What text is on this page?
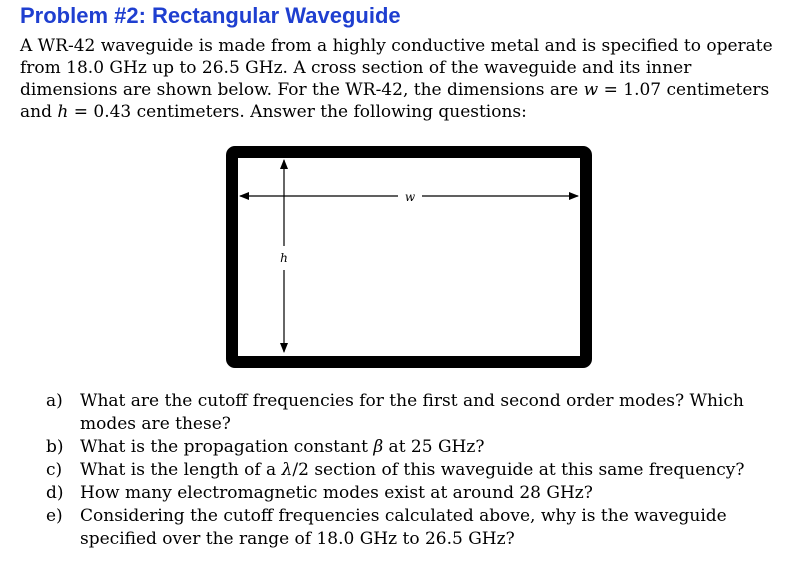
Problem #2: Rectangular Waveguide

A WR-42 waveguide is made from a highly conductive metal and is specified to operate
from 18.0 GHz up to 26.5 GHz. A cross section of the waveguide and its inner
dimensions are shown below. For the WR-42, the dimensions are w = 1.07 centimeters
and h = 0.43 centimeters. Answer the following questions:

w
h
a) What are the cutoff frequencies for the first and second order modes? Which
modes are these?
b) What is the propagation constant β at 25 GHz?
c) What is the length of a λ/2 section of this waveguide at this same frequency?
d) How many electromagnetic modes exist at around 28 GHz?
e) Considering the cutoff frequencies calculated above, why is the waveguide
specified over the range of 18.0 GHz to 26.5 GHz?
